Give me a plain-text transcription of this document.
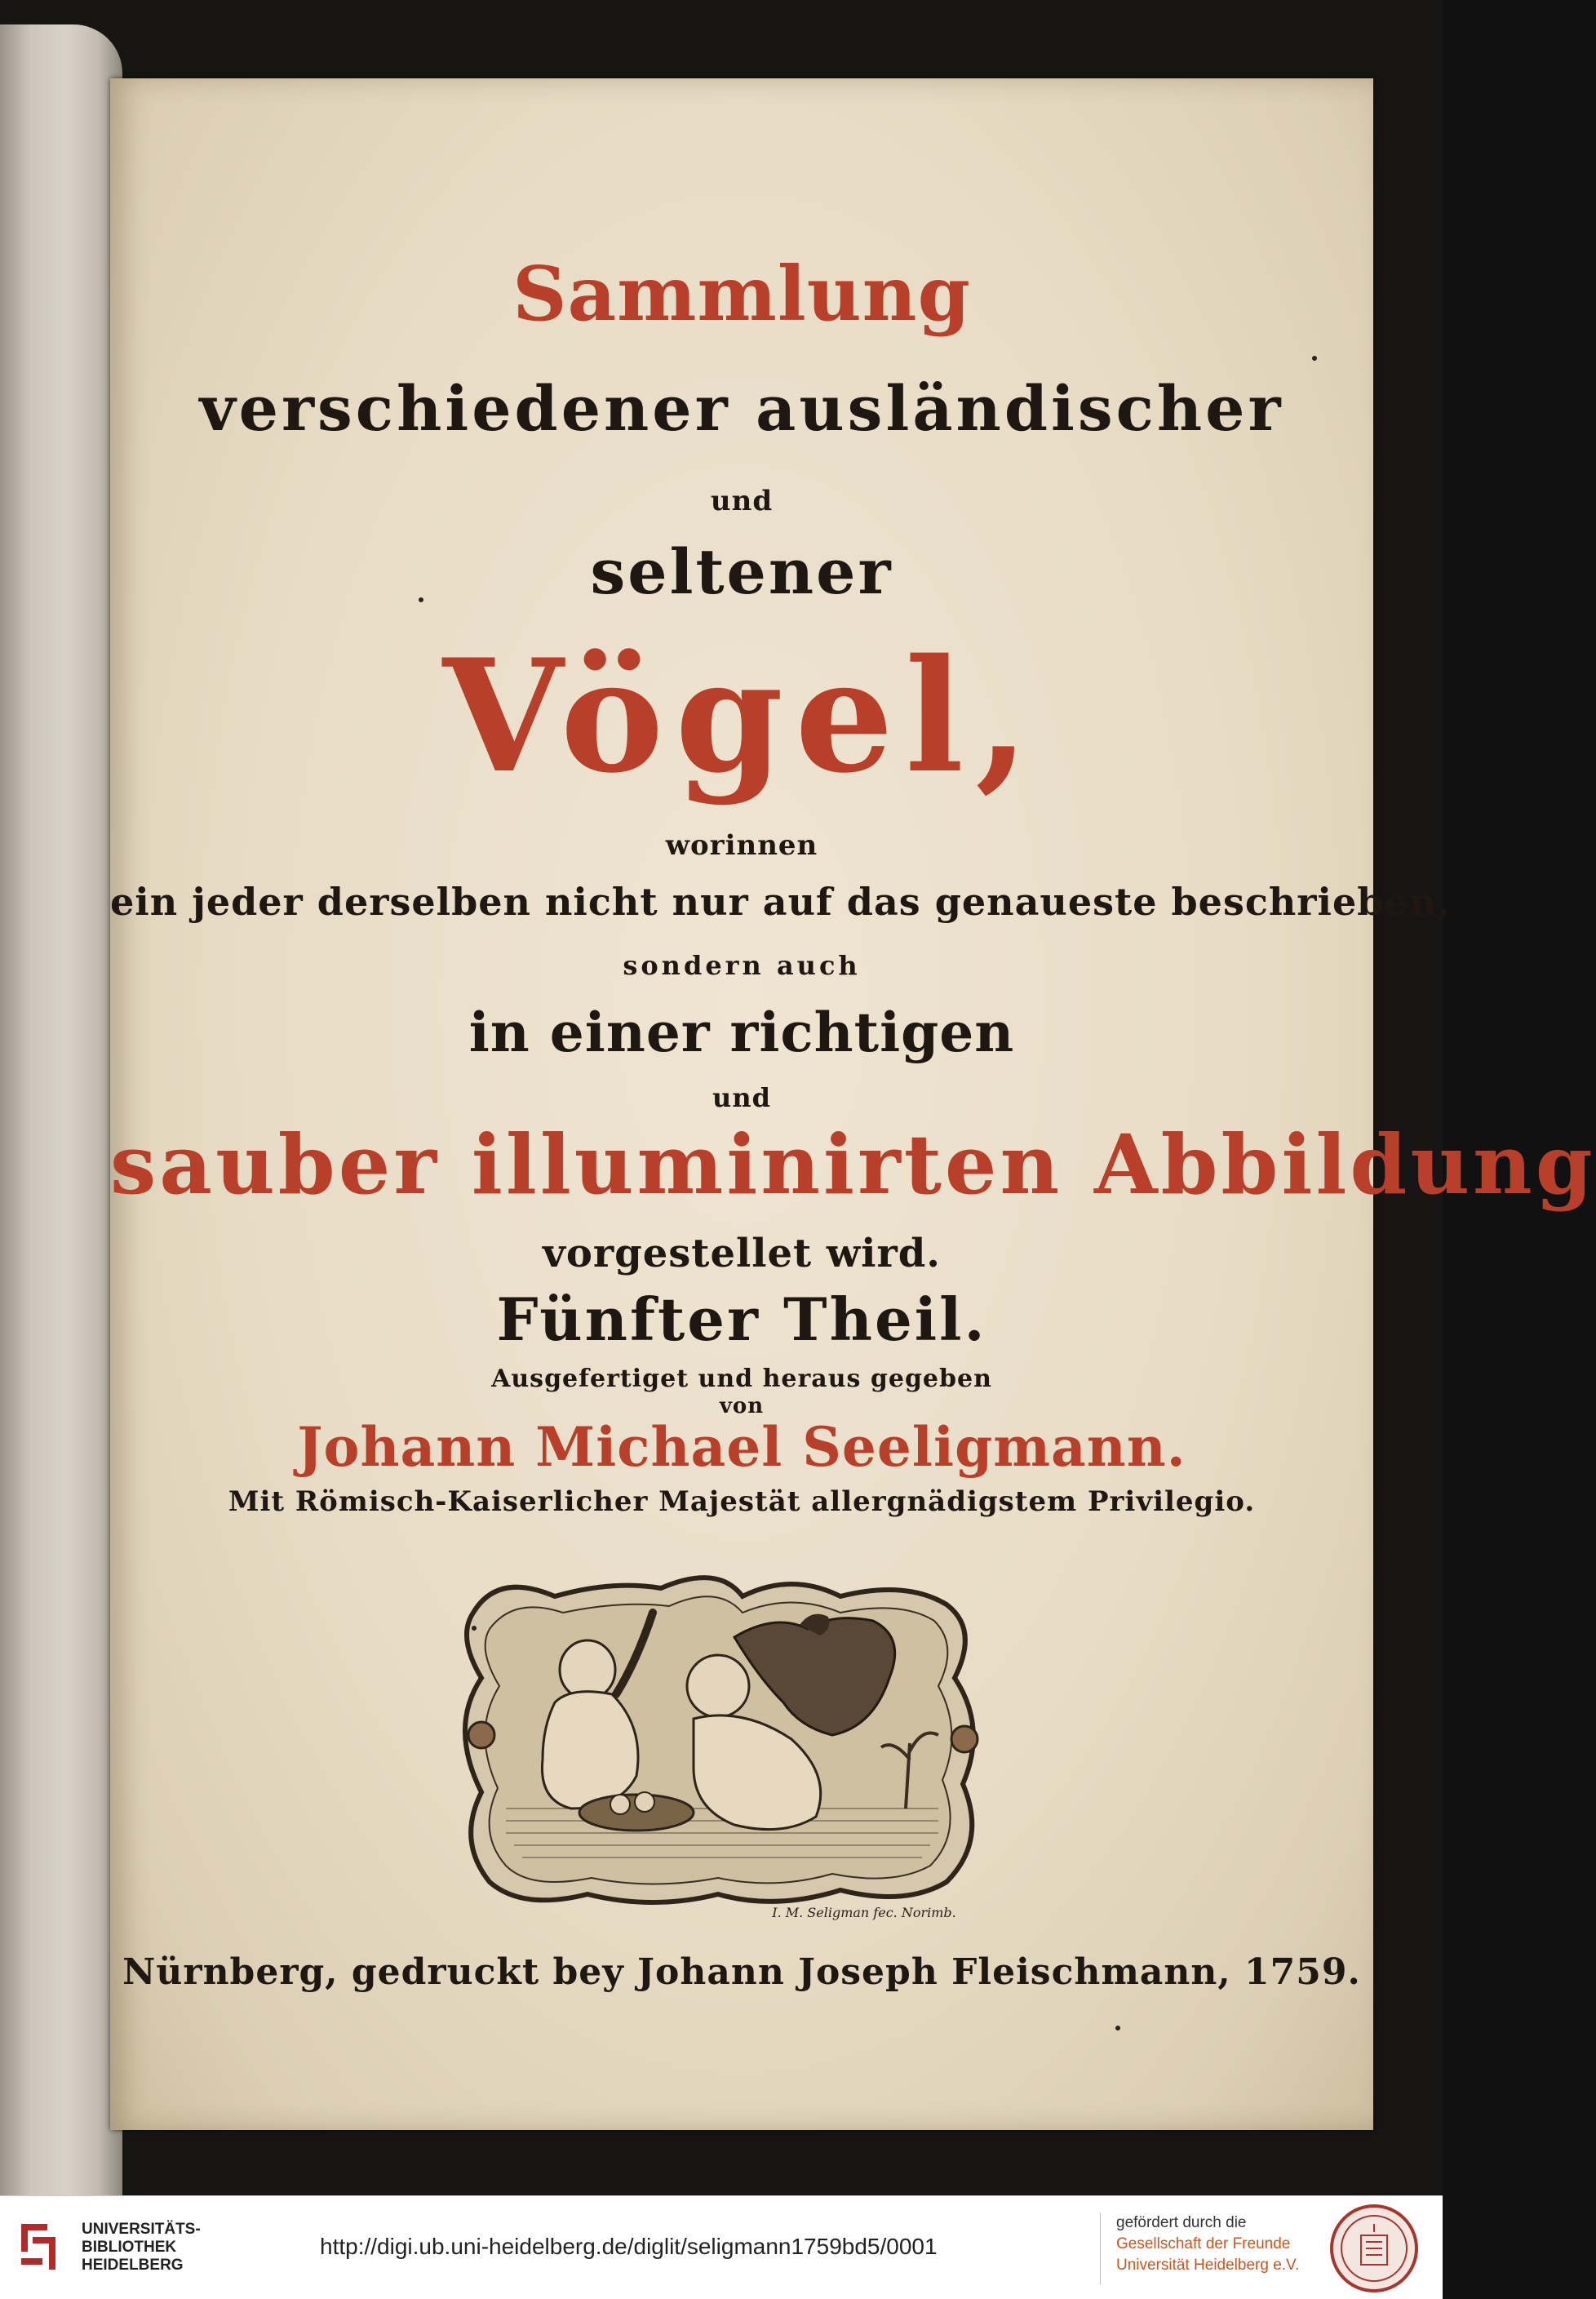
Sammlung
verschiedener ausländischer
und
seltener
Vögel,
worinnen
ein jeder derselben nicht nur auf das genaueste beschrieben,
sondern auch
in einer richtigen
und
sauber illuminirten Abbildung
vorgestellet wird.
Fünfter Theil.
Ausgefertiget und heraus gegeben
von
Johann Michael Seeligmann.
Mit Römisch-Kaiserlicher Majestät allergnädigstem Privilegio.
I. M. Seligman fec. Norimb.
Nürnberg, gedruckt bey Johann Joseph Fleischmann, 1759.
UNIVERSITÄTS-
BIBLIOTHEK
HEIDELBERG
http://digi.ub.uni-heidelberg.de/diglit/seligmann1759bd5/0001
gefördert durch die
Gesellschaft der Freunde
Universität Heidelberg e.V.
